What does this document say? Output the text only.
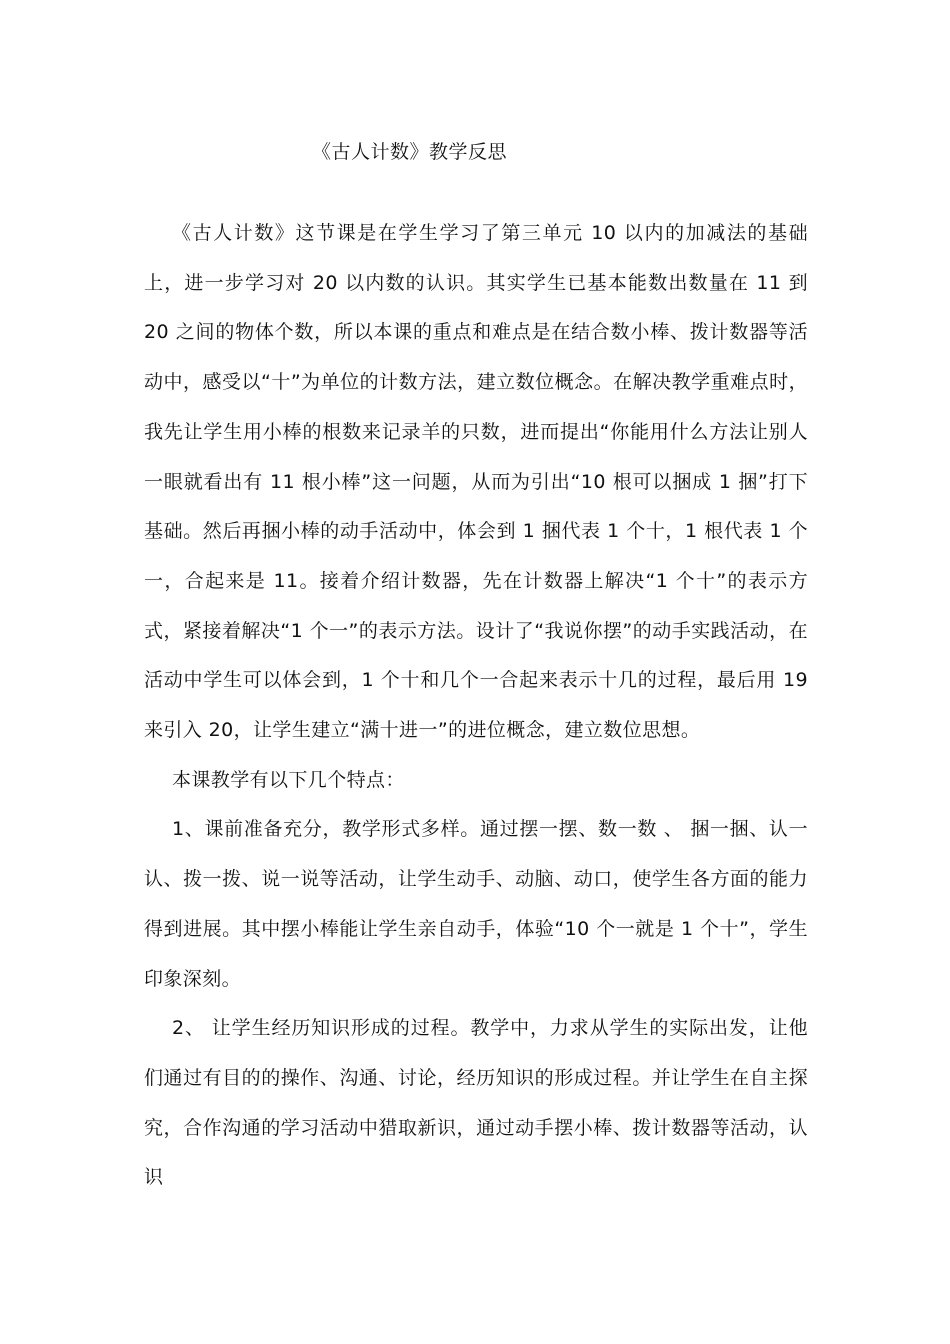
《古人计数》教学反思

《古人计数》这节课是在学生学习了第三单元 10 以内的加减法的基础上，进一步学习对 20 以内数的认识。其实学生已基本能数出数量在 11 到 20 之间的物体个数，所以本课的重点和难点是在结合数小棒、拨计数器等活动中，感受以“十”为单位的计数方法，建立数位概念。在解决教学重难点时，我先让学生用小棒的根数来记录羊的只数，进而提出“你能用什么方法让别人一眼就看出有 11 根小棒”这一问题，从而为引出“10 根可以捆成 1 捆”打下基础。然后再捆小棒的动手活动中，体会到 1 捆代表 1 个十，1 根代表 1 个一，合起来是 11。接着介绍计数器，先在计数器上解决“1 个十”的表示方式，紧接着解决“1 个一”的表示方法。设计了“我说你摆”的动手实践活动，在活动中学生可以体会到，1 个十和几个一合起来表示十几的过程，最后用 19 来引入 20，让学生建立“满十进一”的进位概念，建立数位思想。

本课教学有以下几个特点：

1、课前准备充分，教学形式多样。通过摆一摆、数一数 、 捆一捆、认一认、拨一拨、说一说等活动，让学生动手、动脑、动口，使学生各方面的能力得到进展。其中摆小棒能让学生亲自动手，体验“10 个一就是 1 个十”，学生印象深刻。

2、 让学生经历知识形成的过程。教学中，力求从学生的实际出发，让他们通过有目的的操作、沟通、讨论，经历知识的形成过程。并让学生在自主探究，合作沟通的学习活动中猎取新识，通过动手摆小棒、拨计数器等活动，认识
